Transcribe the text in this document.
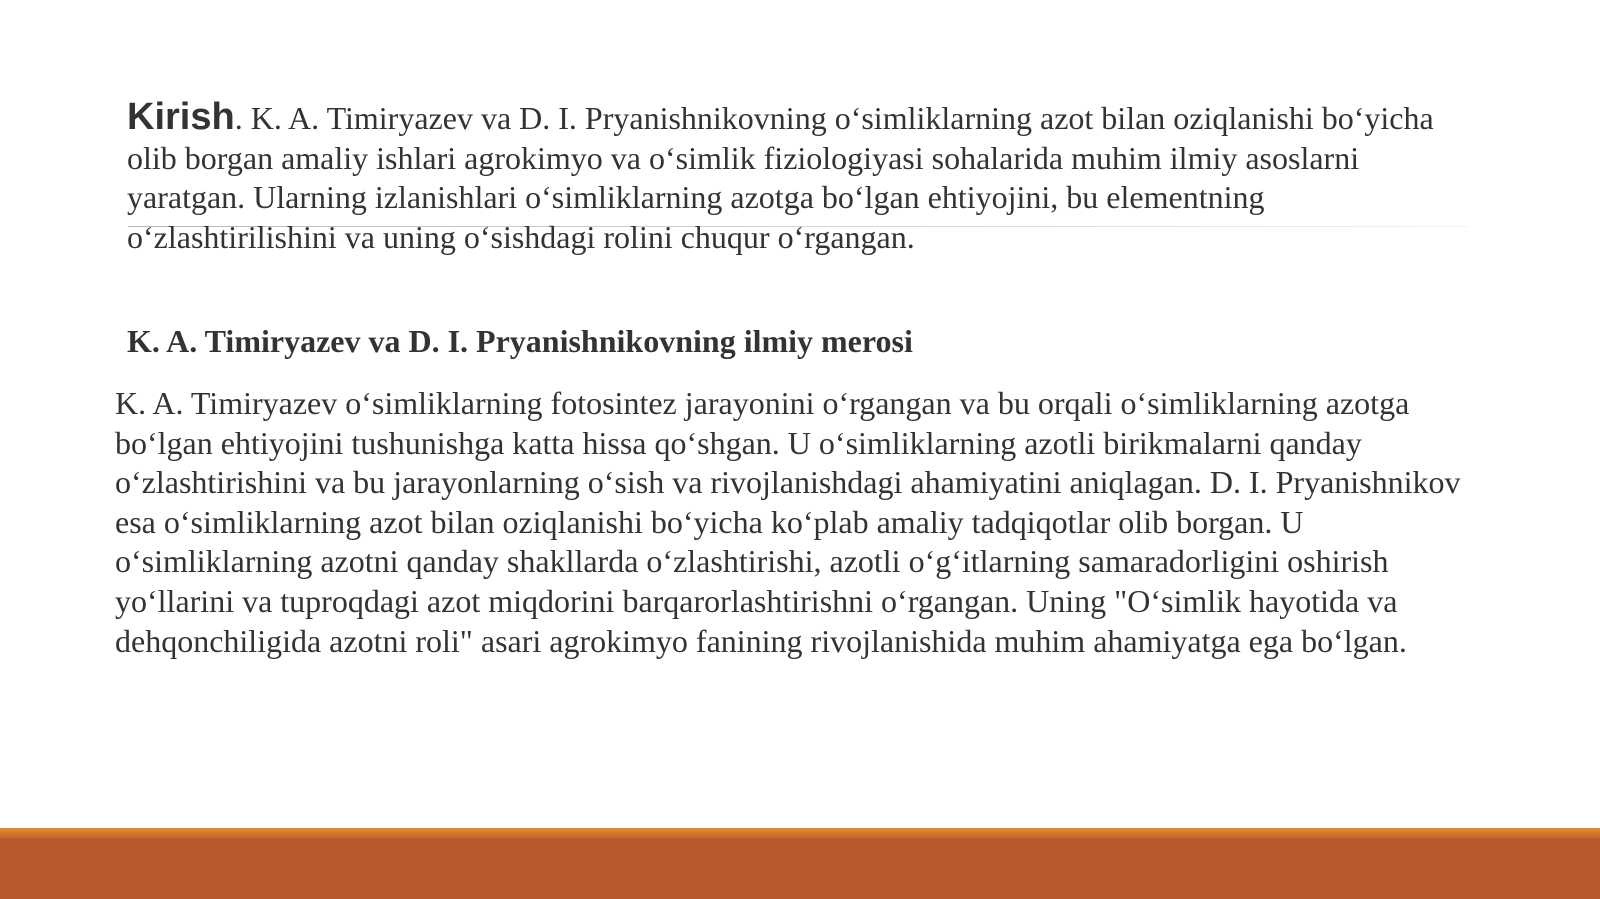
Kirish. K. A. Timiryazev va D. I. Pryanishnikovning o‘simliklarning azot bilan oziqlanishi bo‘yicha olib borgan amaliy ishlari agrokimyo va o‘simlik fiziologiyasi sohalarida muhim ilmiy asoslarni yaratgan. Ularning izlanishlari o‘simliklarning azotga bo‘lgan ehtiyojini, bu elementning o‘zlashtirilishini va uning o‘sishdagi rolini chuqur o‘rgangan.

K. A. Timiryazev va D. I. Pryanishnikovning ilmiy merosi

K. A. Timiryazev o‘simliklarning fotosintez jarayonini o‘rgangan va bu orqali o‘simliklarning azotga bo‘lgan ehtiyojini tushunishga katta hissa qo‘shgan. U o‘simliklarning azotli birikmalarni qanday o‘zlashtirishini va bu jarayonlarning o‘sish va rivojlanishdagi ahamiyatini aniqlagan. D. I. Pryanishnikov esa o‘simliklarning azot bilan oziqlanishi bo‘yicha ko‘plab amaliy tadqiqotlar olib borgan. U o‘simliklarning azotni qanday shakllarda o‘zlashtirishi, azotli o‘g‘itlarning samaradorligini oshirish yo‘llarini va tuproqdagi azot miqdorini barqarorlashtirishni o‘rgangan. Uning "O‘simlik hayotida va dehqonchiligida azotni roli" asari agrokimyo fanining rivojlanishida muhim ahamiyatga ega bo‘lgan.
